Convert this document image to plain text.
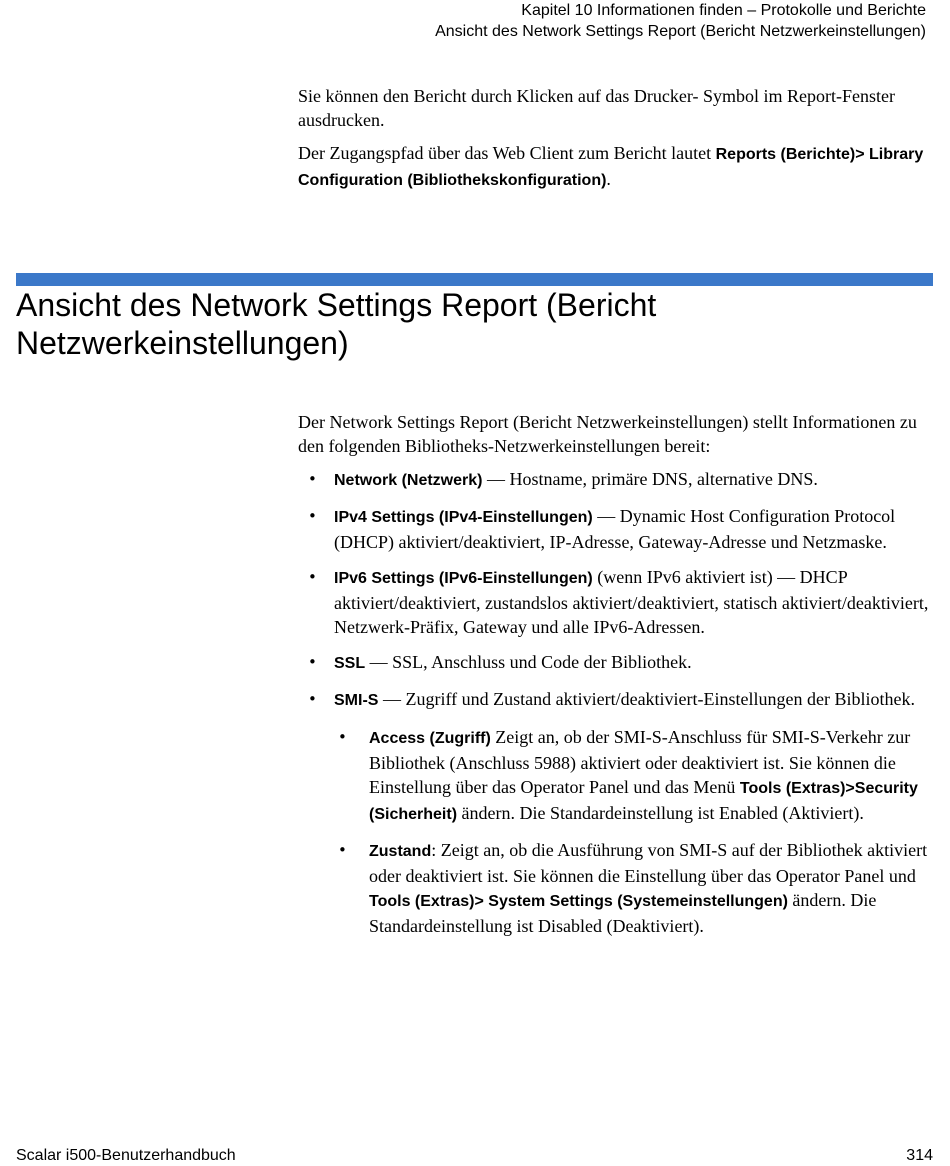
Kapitel 10 Informationen finden – Protokolle und Berichte
Ansicht des Network Settings Report (Bericht Netzwerkeinstellungen)

Sie können den Bericht durch Klicken auf das Drucker- Symbol im Report-Fenster ausdrucken.

Der Zugangspfad über das Web Client zum Bericht lautet Reports (Berichte)> Library Configuration (Bibliothekskonfiguration).

Ansicht des Network Settings Report (Bericht Netzwerkeinstellungen)

Der Network Settings Report (Bericht Netzwerkeinstellungen) stellt Informationen zu den folgenden Bibliotheks-Netzwerkeinstellungen bereit:

• Network (Netzwerk) — Hostname, primäre DNS, alternative DNS.
• IPv4 Settings (IPv4-Einstellungen) — Dynamic Host Configuration Protocol (DHCP) aktiviert/deaktiviert, IP-Adresse, Gateway-Adresse und Netzmaske.
• IPv6 Settings (IPv6-Einstellungen) (wenn IPv6 aktiviert ist) — DHCP aktiviert/deaktiviert, zustandslos aktiviert/deaktiviert, statisch aktiviert/deaktiviert, Netzwerk-Präfix, Gateway und alle IPv6-Adressen.
• SSL — SSL, Anschluss und Code der Bibliothek.
• SMI-S — Zugriff und Zustand aktiviert/deaktiviert-Einstellungen der Bibliothek.
• Access (Zugriff) Zeigt an, ob der SMI-S-Anschluss für SMI-S-Verkehr zur Bibliothek (Anschluss 5988) aktiviert oder deaktiviert ist. Sie können die Einstellung über das Operator Panel und das Menü Tools (Extras)>Security (Sicherheit) ändern. Die Standardeinstellung ist Enabled (Aktiviert).
• Zustand: Zeigt an, ob die Ausführung von SMI-S auf der Bibliothek aktiviert oder deaktiviert ist. Sie können die Einstellung über das Operator Panel und Tools (Extras)> System Settings (Systemeinstellungen) ändern. Die Standardeinstellung ist Disabled (Deaktiviert).
Scalar i500-Benutzerhandbuch	314
